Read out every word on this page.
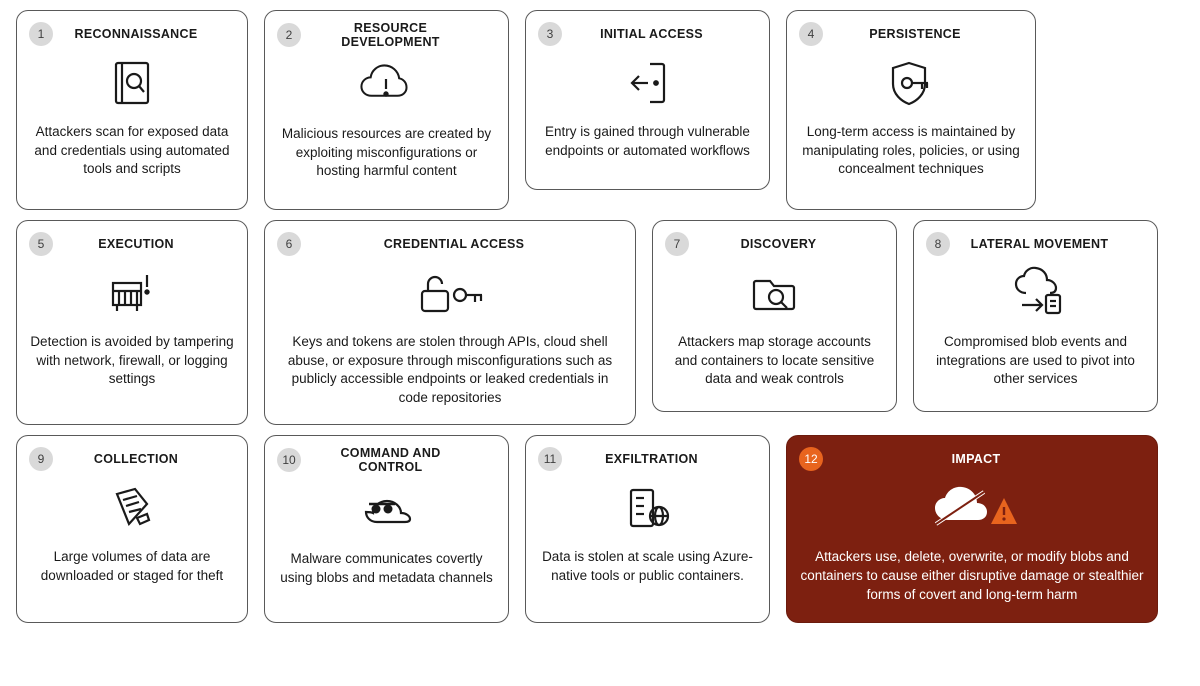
1	RECONNAISSANCE
Attackers scan for exposed data and credentials using automated tools and scripts
2	RESOURCE DEVELOPMENT
Malicious resources are created by exploiting misconfigurations or hosting harmful content
3	INITIAL ACCESS
Entry is gained through vulnerable endpoints or automated workflows
4	PERSISTENCE
Long-term access is maintained by manipulating roles, policies, or using concealment techniques
5	EXECUTION
Detection is avoided by tampering with network, firewall, or logging settings
6	CREDENTIAL ACCESS
Keys and tokens are stolen through APIs, cloud shell abuse, or exposure through misconfigurations such as publicly accessible endpoints or leaked credentials in code repositories
7	DISCOVERY
Attackers map storage accounts and containers to locate sensitive data and weak controls
8	LATERAL MOVEMENT
Compromised blob events and integrations are used to pivot into other services
9	COLLECTION
Large volumes of data are downloaded or staged for theft
10	COMMAND AND CONTROL
Malware communicates covertly using blobs and metadata channels
11	EXFILTRATION
Data is stolen at scale using Azure-native tools or public containers.
12	IMPACT
Attackers use, delete, overwrite, or modify blobs and containers to cause either disruptive damage or stealthier forms of covert and long-term harm
